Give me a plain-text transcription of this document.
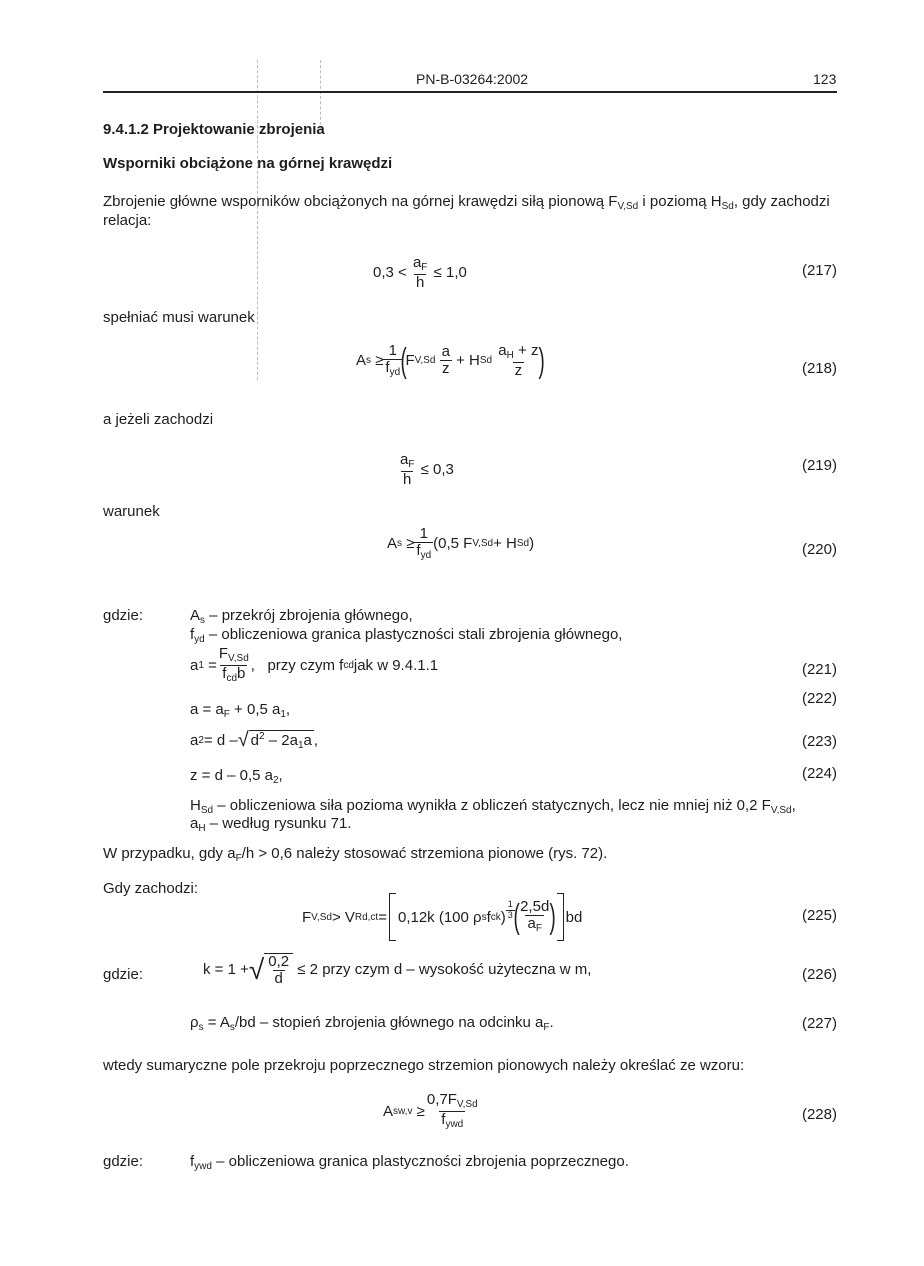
PN-B-03264:2002	123
9.4.1.2 Projektowanie zbrojenia
Wsporniki obciążone na górnej krawędzi
Zbrojenie główne wsporników obciążonych na górnej krawędzi siłą pionową $F_{V,Sd}$ i poziomą $H_{Sd}$, gdy zachodzi
relacja:
0,3 <
$\frac{a_F}{h}$
≤ 1,0	(217)
spełniać musi warunek
A s
≥ $\frac{1}{f_{yd}}$
(
F V,Sd
$\frac{a}{z}$
+
H Sd
$\frac{a_H + z}{z}$
)	(218)
a jeżeli zachodzi
$\frac{a_F}{h}$
≤ 0,3	(219)
warunek
A s
≥ $\frac{1}{f_{yd}} (0,5$ F V,Sd + H Sd )	(220)
gdzie:	$A_s$ – przekrój zbrojenia głównego,
$f_{yd}$ – obliczeniowa granica plastyczności stali zbrojenia głównego,
a 1
= $\frac{F_{V,Sd}}{f_{cd}b}$ ,
przy czym f cd jak w 9.4.1.1	(221)
$a = a_F + 0,5$ $a_1$,
(222)
a 2 = d – √ $d^2 - 2a_1a$ ,	(223)
z = d – 0,5 $a_2$,	(224)
$H_{Sd}$ – obliczeniowa siła pozioma wynikła z obliczeń statycznych, lecz nie mniej niż 0,2 $F_{V,Sd}$,
$a_H$ – według rysunku 71.
W przypadku, gdy $a_F/h > 0,6$ należy stosować strzemiona pionowe (rys. 72).
Gdy zachodzi:
F V,Sd > V Rd,ct = 0,12k (100 ρ s f ck ) $\frac{1}{3}$
(
$\frac{2,5d}{a_F}$
) bd	(225)
gdzie:	k = 1 + √ $\frac{0,2}{d}$
≤ 2 przy czym d – wysokość użyteczna w m,	(226)
$\rho_s = A_s/bd$ – stopień zbrojenia głównego na odcinku $a_F$.	(227)
wtedy sumaryczne pole przekroju poprzecznego strzemion pionowych należy określać ze wzoru:
A sw,v
≥ $\frac{0,7F_{V,Sd}}{f_{ywd}}$	(228)
gdzie:	$f_{ywd}$ – obliczeniowa granica plastyczności zbrojenia poprzecznego.
